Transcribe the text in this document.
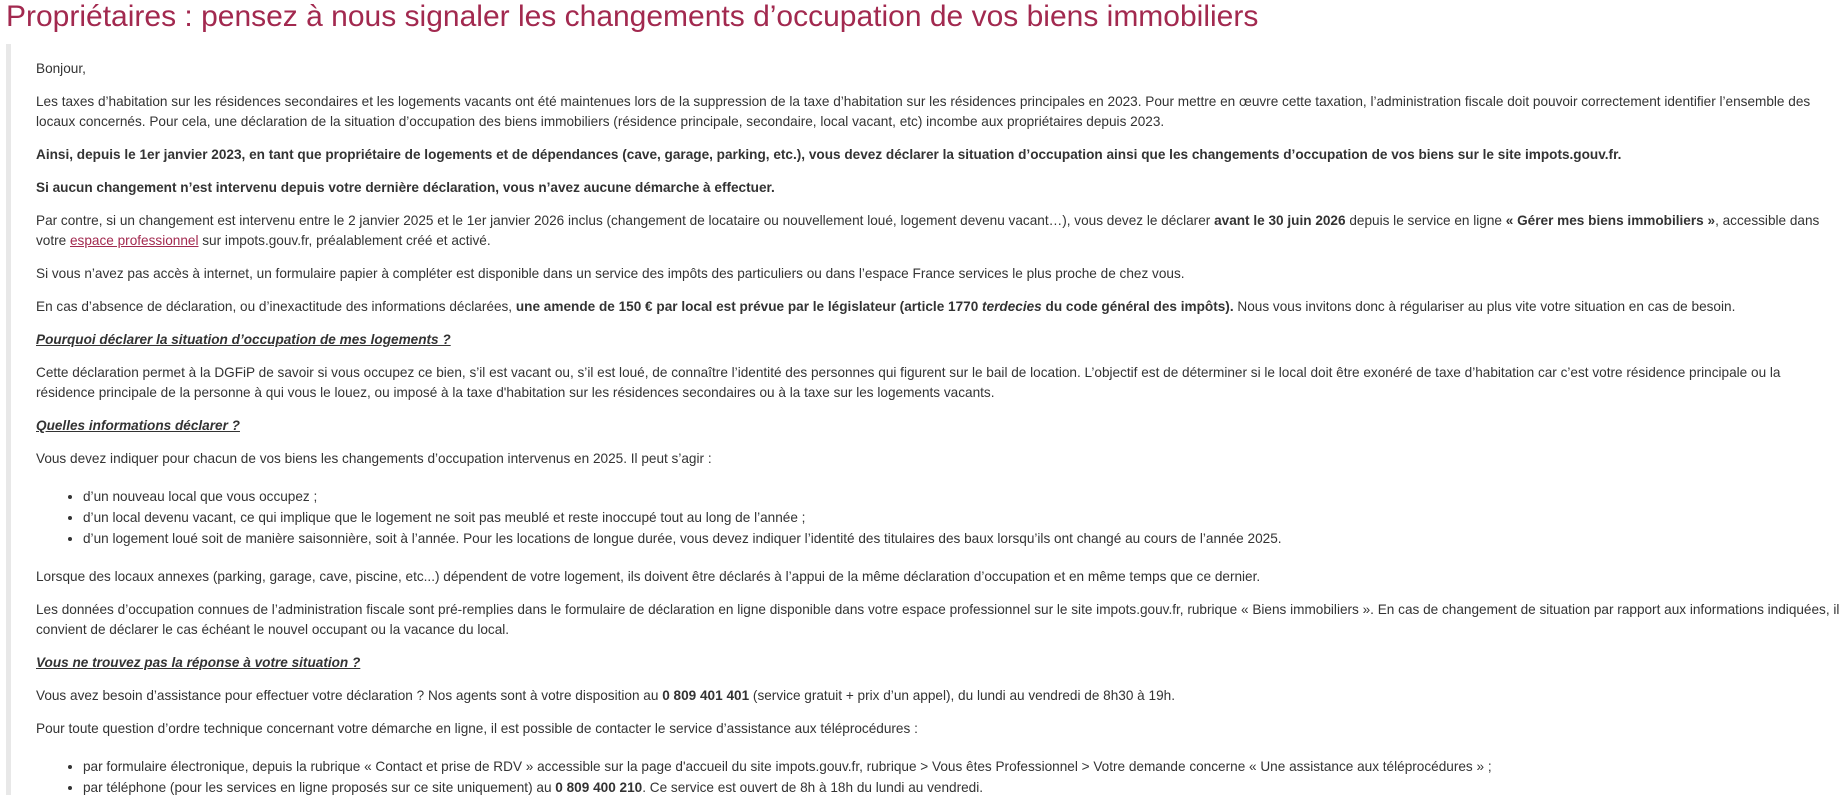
Propriétaires : pensez à nous signaler les changements d’occupation de vos biens immobiliers

Bonjour,

Les taxes d’habitation sur les résidences secondaires et les logements vacants ont été maintenues lors de la suppression de la taxe d’habitation sur les résidences principales en 2023. Pour mettre en œuvre cette taxation, l’administration fiscale doit pouvoir correctement identifier l’ensemble des locaux concernés. Pour cela, une déclaration de la situation d’occupation des biens immobiliers (résidence principale, secondaire, local vacant, etc) incombe aux propriétaires depuis 2023.

Ainsi, depuis le 1er janvier 2023, en tant que propriétaire de logements et de dépendances (cave, garage, parking, etc.), vous devez déclarer la situation d’occupation ainsi que les changements d’occupation de vos biens sur le site impots.gouv.fr.

Si aucun changement n’est intervenu depuis votre dernière déclaration, vous n’avez aucune démarche à effectuer.

Par contre, si un changement est intervenu entre le 2 janvier 2025 et le 1er janvier 2026 inclus (changement de locataire ou nouvellement loué, logement devenu vacant…), vous devez le déclarer avant le 30 juin 2026 depuis le service en ligne « Gérer mes biens immobiliers », accessible dans votre espace professionnel sur impots.gouv.fr, préalablement créé et activé.

Si vous n’avez pas accès à internet, un formulaire papier à compléter est disponible dans un service des impôts des particuliers ou dans l’espace France services le plus proche de chez vous.

En cas d’absence de déclaration, ou d’inexactitude des informations déclarées, une amende de 150 € par local est prévue par le législateur (article 1770 terdecies du code général des impôts). Nous vous invitons donc à régulariser au plus vite votre situation en cas de besoin.

Pourquoi déclarer la situation d’occupation de mes logements ?

Cette déclaration permet à la DGFiP de savoir si vous occupez ce bien, s’il est vacant ou, s’il est loué, de connaître l’identité des personnes qui figurent sur le bail de location. L’objectif est de déterminer si le local doit être exonéré de taxe d’habitation car c’est votre résidence principale ou la résidence principale de la personne à qui vous le louez, ou imposé à la taxe d'habitation sur les résidences secondaires ou à la taxe sur les logements vacants.

Quelles informations déclarer ?

Vous devez indiquer pour chacun de vos biens les changements d’occupation intervenus en 2025. Il peut s’agir :

• d’un nouveau local que vous occupez ;
• d’un local devenu vacant, ce qui implique que le logement ne soit pas meublé et reste inoccupé tout au long de l’année ;
• d’un logement loué soit de manière saisonnière, soit à l’année. Pour les locations de longue durée, vous devez indiquer l’identité des titulaires des baux lorsqu’ils ont changé au cours de l’année 2025.

Lorsque des locaux annexes (parking, garage, cave, piscine, etc...) dépendent de votre logement, ils doivent être déclarés à l’appui de la même déclaration d’occupation et en même temps que ce dernier.

Les données d’occupation connues de l’administration fiscale sont pré-remplies dans le formulaire de déclaration en ligne disponible dans votre espace professionnel sur le site impots.gouv.fr, rubrique « Biens immobiliers ». En cas de changement de situation par rapport aux informations indiquées, il convient de déclarer le cas échéant le nouvel occupant ou la vacance du local.

Vous ne trouvez pas la réponse à votre situation ?

Vous avez besoin d’assistance pour effectuer votre déclaration ? Nos agents sont à votre disposition au 0 809 401 401 (service gratuit + prix d’un appel), du lundi au vendredi de 8h30 à 19h.

Pour toute question d’ordre technique concernant votre démarche en ligne, il est possible de contacter le service d’assistance aux téléprocédures :

• par formulaire électronique, depuis la rubrique « Contact et prise de RDV » accessible sur la page d'accueil du site impots.gouv.fr, rubrique > Vous êtes Professionnel > Votre demande concerne « Une assistance aux téléprocédures » ;
• par téléphone (pour les services en ligne proposés sur ce site uniquement) au 0 809 400 210. Ce service est ouvert de 8h à 18h du lundi au vendredi.
